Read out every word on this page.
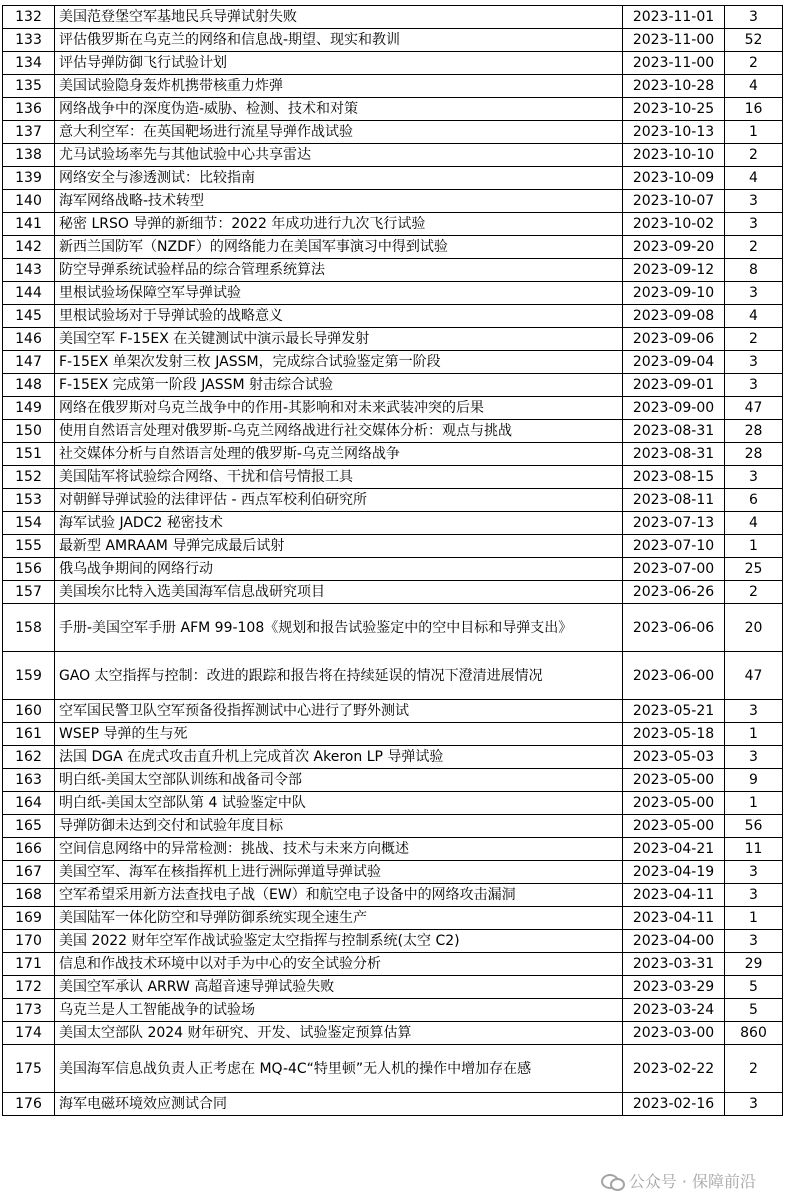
132	美国范登堡空军基地民兵导弹试射失败	2023-11-01	3
133	评估俄罗斯在乌克兰的网络和信息战-期望、现实和教训	2023-11-00	52
134	评估导弹防御飞行试验计划	2023-11-00	2
135	美国试验隐身轰炸机携带核重力炸弹	2023-10-28	4
136	网络战争中的深度伪造-威胁、检测、技术和对策	2023-10-25	16
137	意大利空军：在英国靶场进行流星导弹作战试验	2023-10-13	1
138	尤马试验场率先与其他试验中心共享雷达	2023-10-10	2
139	网络安全与渗透测试：比较指南	2023-10-09	4
140	海军网络战略-技术转型	2023-10-07	3
141	秘密 LRSO 导弹的新细节：2022 年成功进行九次飞行试验	2023-10-02	3
142	新西兰国防军（NZDF）的网络能力在美国军事演习中得到试验	2023-09-20	2
143	防空导弹系统试验样品的综合管理系统算法	2023-09-12	8
144	里根试验场保障空军导弹试验	2023-09-10	3
145	里根试验场对于导弹试验的战略意义	2023-09-08	4
146	美国空军 F-15EX 在关键测试中演示最长导弹发射	2023-09-06	2
147	F-15EX 单架次发射三枚 JASSM，完成综合试验鉴定第一阶段	2023-09-04	3
148	F-15EX 完成第一阶段 JASSM 射击综合试验	2023-09-01	3
149	网络在俄罗斯对乌克兰战争中的作用-其影响和对未来武装冲突的后果	2023-09-00	47
150	使用自然语言处理对俄罗斯-乌克兰网络战进行社交媒体分析：观点与挑战	2023-08-31	28
151	社交媒体分析与自然语言处理的俄罗斯-乌克兰网络战争	2023-08-31	28
152	美国陆军将试验综合网络、干扰和信号情报工具	2023-08-15	3
153	对朝鲜导弹试验的法律评估 - 西点军校利伯研究所	2023-08-11	6
154	海军试验 JADC2 秘密技术	2023-07-13	4
155	最新型 AMRAAM 导弹完成最后试射	2023-07-10	1
156	俄乌战争期间的网络行动	2023-07-00	25
157	美国埃尔比特入选美国海军信息战研究项目	2023-06-26	2
158	手册-美国空军手册 AFM 99-108《规划和报告试验鉴定中的空中目标和导弹支出》	2023-06-06	20
159	GAO 太空指挥与控制：改进的跟踪和报告将在持续延误的情况下澄清进展情况	2023-06-00	47
160	空军国民警卫队空军预备役指挥测试中心进行了野外测试	2023-05-21	3
161	WSEP 导弹的生与死	2023-05-18	1
162	法国 DGA 在虎式攻击直升机上完成首次 Akeron LP 导弹试验	2023-05-03	3
163	明白纸-美国太空部队训练和战备司令部	2023-05-00	9
164	明白纸-美国太空部队第 4 试验鉴定中队	2023-05-00	1
165	导弹防御未达到交付和试验年度目标	2023-05-00	56
166	空间信息网络中的异常检测：挑战、技术与未来方向概述	2023-04-21	11
167	美国空军、海军在核指挥机上进行洲际弹道导弹试验	2023-04-19	3
168	空军希望采用新方法查找电子战（EW）和航空电子设备中的网络攻击漏洞	2023-04-11	3
169	美国陆军一体化防空和导弹防御系统实现全速生产	2023-04-11	1
170	美国 2022 财年空军作战试验鉴定太空指挥与控制系统(太空 C2)	2023-04-00	3
171	信息和作战技术环境中以对手为中心的安全试验分析	2023-03-31	29
172	美国空军承认 ARRW 高超音速导弹试验失败	2023-03-29	5
173	乌克兰是人工智能战争的试验场	2023-03-24	5
174	美国太空部队 2024 财年研究、开发、试验鉴定预算估算	2023-03-00	860
175	美国海军信息战负责人正考虑在 MQ-4C“特里顿”无人机的操作中增加存在感	2023-02-22	2
176	海军电磁环境效应测试合同	2023-02-16	3
公众号 · 保障前沿
